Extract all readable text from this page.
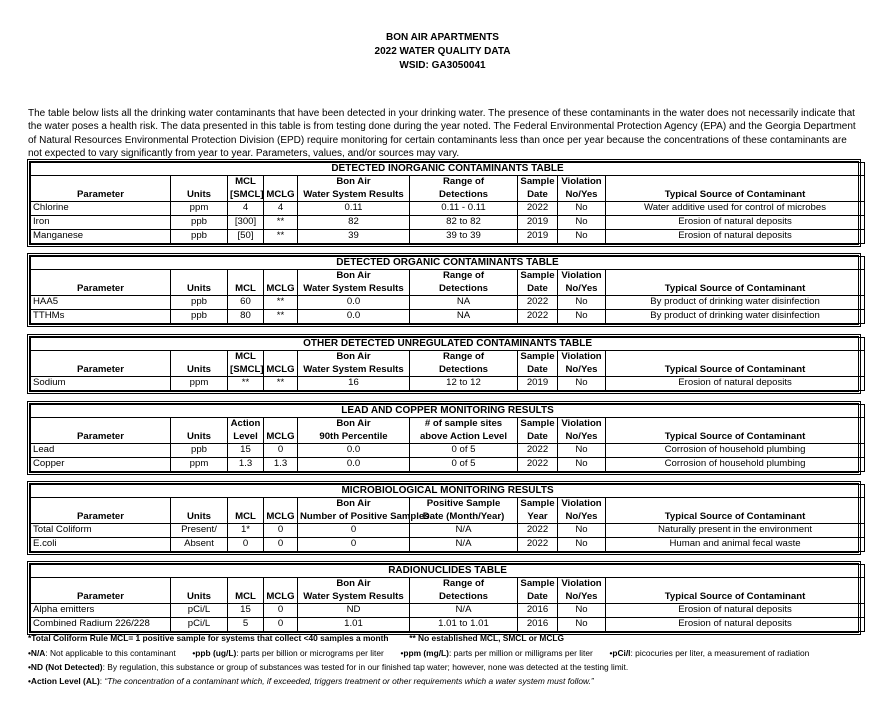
BON AIR APARTMENTS
2022 WATER QUALITY DATA
WSID: GA3050041
The table below lists all the drinking water contaminants that have been detected in your drinking water. The presence of these contaminants in the water does not necessarily indicate that the water poses a health risk. The data presented in this table is from testing done during the year noted. The Federal Environmental Protection Agency (EPA) and the Georgia Department of Natural Resources Environmental Protection Division (EPD) require monitoring for certain contaminants less than once per year because the concentrations of these contaminants are not expected to vary significantly from year to year. Parameters, values, and/or sources may vary.
DETECTED INORGANIC CONTAMINANTS TABLE								
		MCL		Bon Air	Range of	Sample	Violation	
Parameter	Units	[SMCL]	MCLG	Water System Results	Detections	Date	No/Yes	Typical Source of Contaminant
Chlorine	ppm	4	4	0.11	0.11 - 0.11	2022	No	Water additive used for control of microbes
Iron	ppb	[300]	**	82	82 to 82	2019	No	Erosion of natural deposits
Manganese	ppb	[50]	**	39	39 to 39	2019	No	Erosion of natural deposits
DETECTED ORGANIC CONTAMINANTS TABLE								
				Bon Air	Range of	Sample	Violation	
Parameter	Units	MCL	MCLG	Water System Results	Detections	Date	No/Yes	Typical Source of Contaminant
HAA5	ppb	60	**	0.0	NA	2022	No	By product of drinking water disinfection
TTHMs	ppb	80	**	0.0	NA	2022	No	By product of drinking water disinfection
OTHER DETECTED UNREGULATED CONTAMINANTS TABLE								
		MCL		Bon Air	Range of	Sample	Violation	
Parameter	Units	[SMCL]	MCLG	Water System Results	Detections	Date	No/Yes	Typical Source of Contaminant
Sodium	ppm	**	**	16	12 to 12	2019	No	Erosion of natural deposits
LEAD AND COPPER MONITORING RESULTS								
		Action		Bon Air	# of sample sites	Sample	Violation	
Parameter	Units	Level	MCLG	90th Percentile	above Action Level	Date	No/Yes	Typical Source of Contaminant
Lead	ppb	15	0	0.0	0 of 5	2022	No	Corrosion of household plumbing
Copper	ppm	1.3	1.3	0.0	0 of 5	2022	No	Corrosion of household plumbing
MICROBIOLOGICAL MONITORING RESULTS								
				Bon Air	Positive Sample	Sample	Violation	
Parameter	Units	MCL	MCLG	Number of Positive Samples	Date (Month/Year)	Year	No/Yes	Typical Source of Contaminant
Total Coliform	Present/	1*	0	0	N/A	2022	No	Naturally present in the environment
E.coli	Absent	0	0	0	N/A	2022	No	Human and animal fecal waste
RADIONUCLIDES TABLE								
				Bon Air	Range of	Sample	Violation	
Parameter	Units	MCL	MCLG	Water System Results	Detections	Date	No/Yes	Typical Source of Contaminant
Alpha emitters	pCi/L	15	0	ND	N/A	2016	No	Erosion of natural deposits
Combined Radium 226/228	pCi/L	5	0	1.01	1.01 to 1.01	2016	No	Erosion of natural deposits
*Total Coliform Rule MCL= 1 positive sample for systems that collect <40 samples a month ** No established MCL, SMCL or MCLG
•N/A: Not applicable to this contaminant •ppb (ug/L): parts per billion or micrograms per liter •ppm (mg/L): parts per million or milligrams per liter •pCi/l: picocuries per liter, a measurement of radiation
•ND (Not Detected): By regulation, this substance or group of substances was tested for in our finished tap water; however, none was detected at the testing limit.
•Action Level (AL): “The concentration of a contaminant which, if exceeded, triggers treatment or other requirements which a water system must follow.”
